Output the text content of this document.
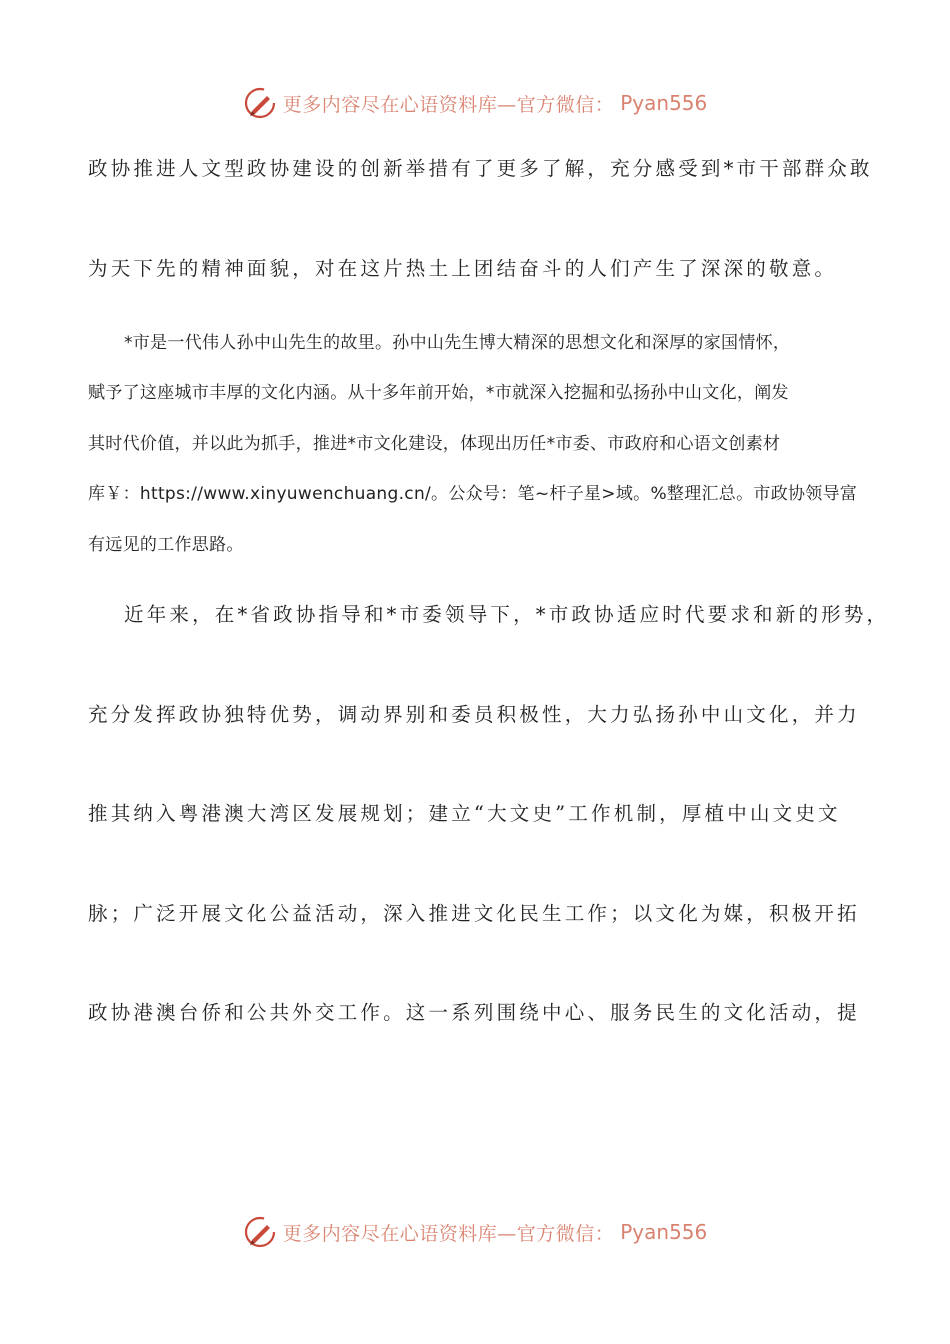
更多内容尽在心语资料库—官方微信： Pyan556
政协推进人文型政协建设的创新举措有了更多了解，充分感受到*市干部群众敢
为天下先的精神面貌，对在这片热土上团结奋斗的人们产生了深深的敬意。
*市是一代伟人孙中山先生的故里。孙中山先生博大精深的思想文化和深厚的家国情怀，
赋予了这座城市丰厚的文化内涵。从十多年前开始，*市就深入挖掘和弘扬孙中山文化，阐发
其时代价值，并以此为抓手，推进*市文化建设，体现出历任*市委、市政府和心语文创素材
库￥：https://www.xinyuwenchuang.cn/。公众号：笔~杆子星>域。%整理汇总。市政协领导富
有远见的工作思路。
近年来，在*省政协指导和*市委领导下，*市政协适应时代要求和新的形势，
充分发挥政协独特优势，调动界别和委员积极性，大力弘扬孙中山文化，并力
推其纳入粤港澳大湾区发展规划；建立“大文史”工作机制，厚植中山文史文
脉；广泛开展文化公益活动，深入推进文化民生工作；以文化为媒，积极开拓
政协港澳台侨和公共外交工作。这一系列围绕中心、服务民生的文化活动，提
更多内容尽在心语资料库—官方微信： Pyan556
